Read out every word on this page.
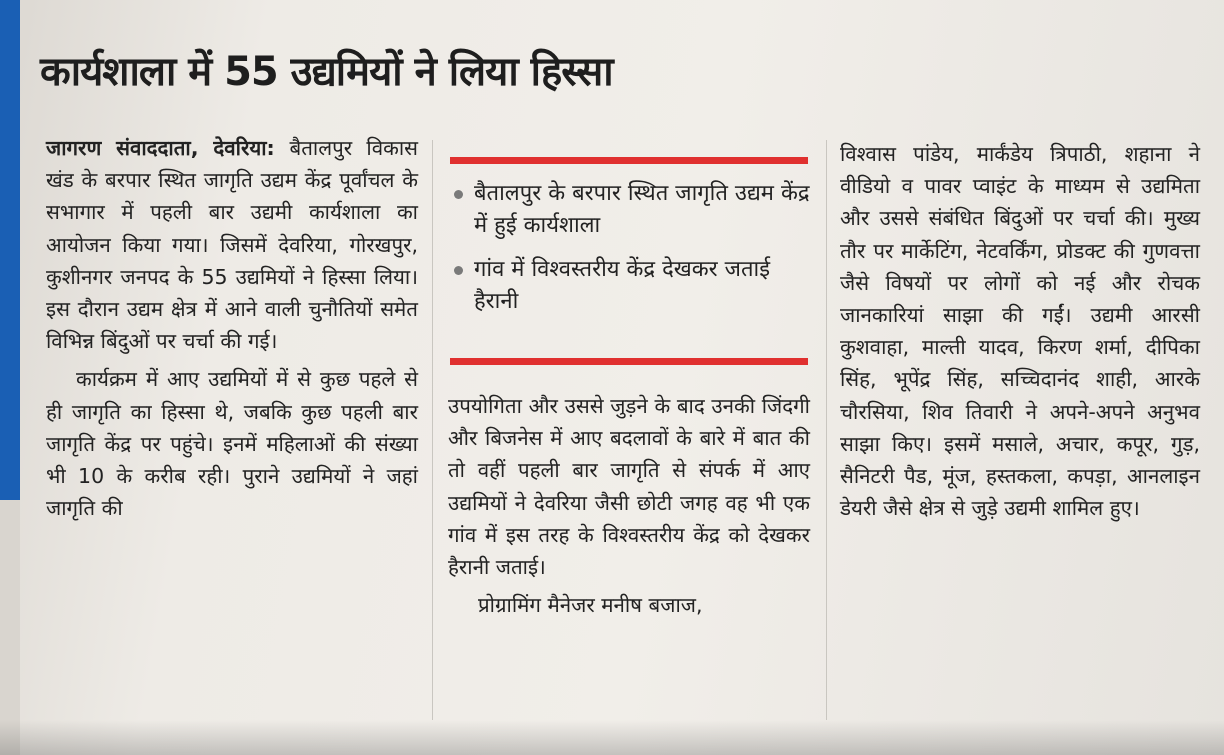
कार्यशाला में 55 उद्यमियों ने लिया हिस्सा
जागरण संवाददाता, देवरिया: बैतालपुर विकास खंड के बरपार स्थित जागृति उद्यम केंद्र पूर्वांचल के सभागार में पहली बार उद्यमी कार्यशाला का आयोजन किया गया। जिसमें देवरिया, गोरखपुर, कुशीनगर जनपद के 55 उद्यमियों ने हिस्सा लिया। इस दौरान उद्यम क्षेत्र में आने वाली चुनौतियों समेत विभिन्न बिंदुओं पर चर्चा की गई।
कार्यक्रम में आए उद्यमियों में से कुछ पहले से ही जागृति का हिस्सा थे, जबकि कुछ पहली बार जागृति केंद्र पर पहुंचे। इनमें महिलाओं की संख्या भी 10 के करीब रही। पुराने उद्यमियों ने जहां जागृति की
बैतालपुर के बरपार स्थित जागृति उद्यम केंद्र में हुई कार्यशाला
गांव में विश्वस्तरीय केंद्र देखकर जताई हैरानी
उपयोगिता और उससे जुड़ने के बाद उनकी जिंदगी और बिजनेस में आए बदलावों के बारे में बात की तो वहीं पहली बार जागृति से संपर्क में आए उद्यमियों ने देवरिया जैसी छोटी जगह वह भी एक गांव में इस तरह के विश्वस्तरीय केंद्र को देखकर हैरानी जताई।
प्रोग्रामिंग मैनेजर मनीष बजाज,
विश्वास पांडेय, मार्कंडेय त्रिपाठी, शहाना ने वीडियो व पावर प्वाइंट के माध्यम से उद्यमिता और उससे संबंधित बिंदुओं पर चर्चा की। मुख्य तौर पर मार्केटिंग, नेटवर्किंग, प्रोडक्ट की गुणवत्ता जैसे विषयों पर लोगों को नई और रोचक जानकारियां साझा की गईं। उद्यमी आरसी कुशवाहा, माल्ती यादव, किरण शर्मा, दीपिका सिंह, भूपेंद्र सिंह, सच्चिदानंद शाही, आरके चौरसिया, शिव तिवारी ने अपने-अपने अनुभव साझा किए। इसमें मसाले, अचार, कपूर, गुड़, सैनिटरी पैड, मूंज, हस्तकला, कपड़ा, आनलाइन डेयरी जैसे क्षेत्र से जुड़े उद्यमी शामिल हुए।
